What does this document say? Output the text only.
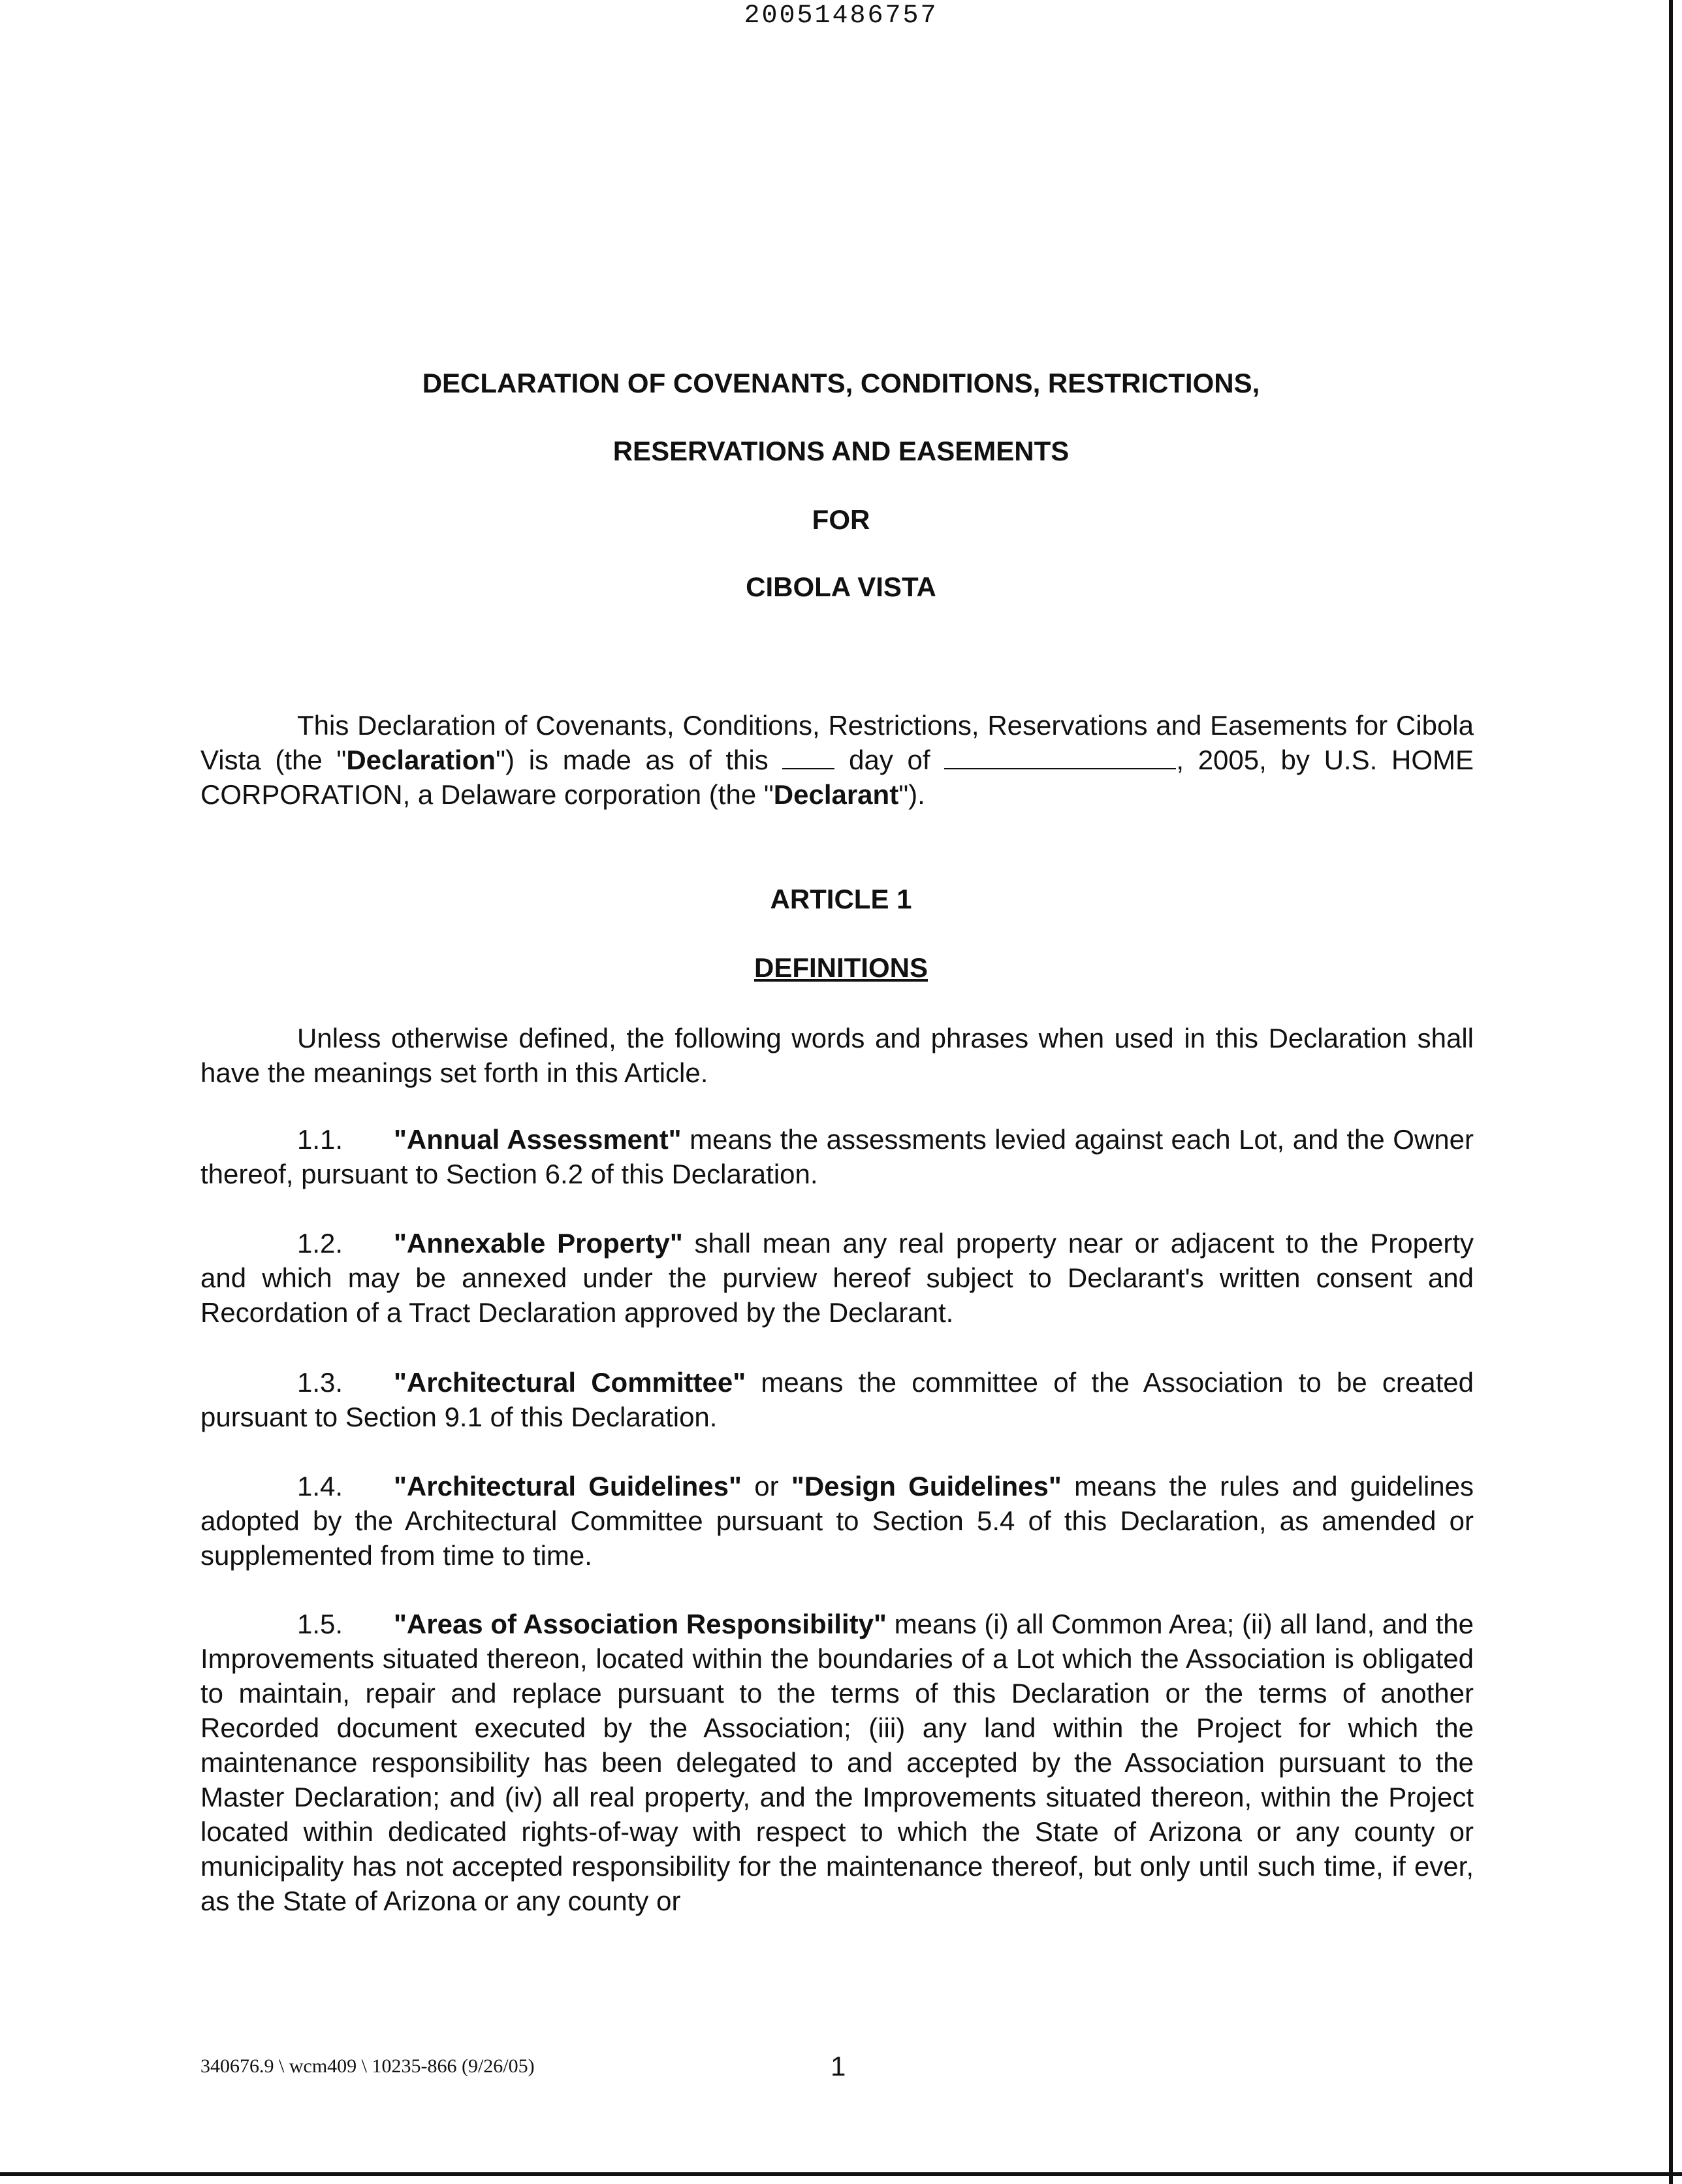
20051486757
DECLARATION OF COVENANTS, CONDITIONS, RESTRICTIONS,
RESERVATIONS AND EASEMENTS
FOR
CIBOLA VISTA
This Declaration of Covenants, Conditions, Restrictions, Reservations and Easements for Cibola Vista (the "Declaration") is made as of this  day of	, 2005, by U.S. HOME CORPORATION, a Delaware corporation (the "Declarant").
ARTICLE 1
DEFINITIONS
Unless otherwise defined, the following words and phrases when used in this Declaration shall have the meanings set forth in this Article.
1.1. "Annual Assessment" means the assessments levied against each Lot, and the Owner thereof, pursuant to Section 6.2 of this Declaration.
1.2. "Annexable Property" shall mean any real property near or adjacent to the Property and which may be annexed under the purview hereof subject to Declarant's written consent and Recordation of a Tract Declaration approved by the Declarant.
1.3. "Architectural Committee" means the committee of the Association to be created pursuant to Section 9.1 of this Declaration.
1.4. "Architectural Guidelines" or "Design Guidelines" means the rules and guidelines adopted by the Architectural Committee pursuant to Section 5.4 of this Declaration, as amended or supplemented from time to time.
1.5. "Areas of Association Responsibility" means (i) all Common Area; (ii) all land, and the Improvements situated thereon, located within the boundaries of a Lot which the Association is obligated to maintain, repair and replace pursuant to the terms of this Declaration or the terms of another Recorded document executed by the Association; (iii) any land within the Project for which the maintenance responsibility has been delegated to and accepted by the Association pursuant to the Master Declaration; and (iv) all real property, and the Improvements situated thereon, within the Project located within dedicated rights-of-way with respect to which the State of Arizona or any county or municipality has not accepted responsibility for the maintenance thereof, but only until such time, if ever, as the State of Arizona or any county or
340676.9 \ wcm409 \ 10235-866 (9/26/05)	1
